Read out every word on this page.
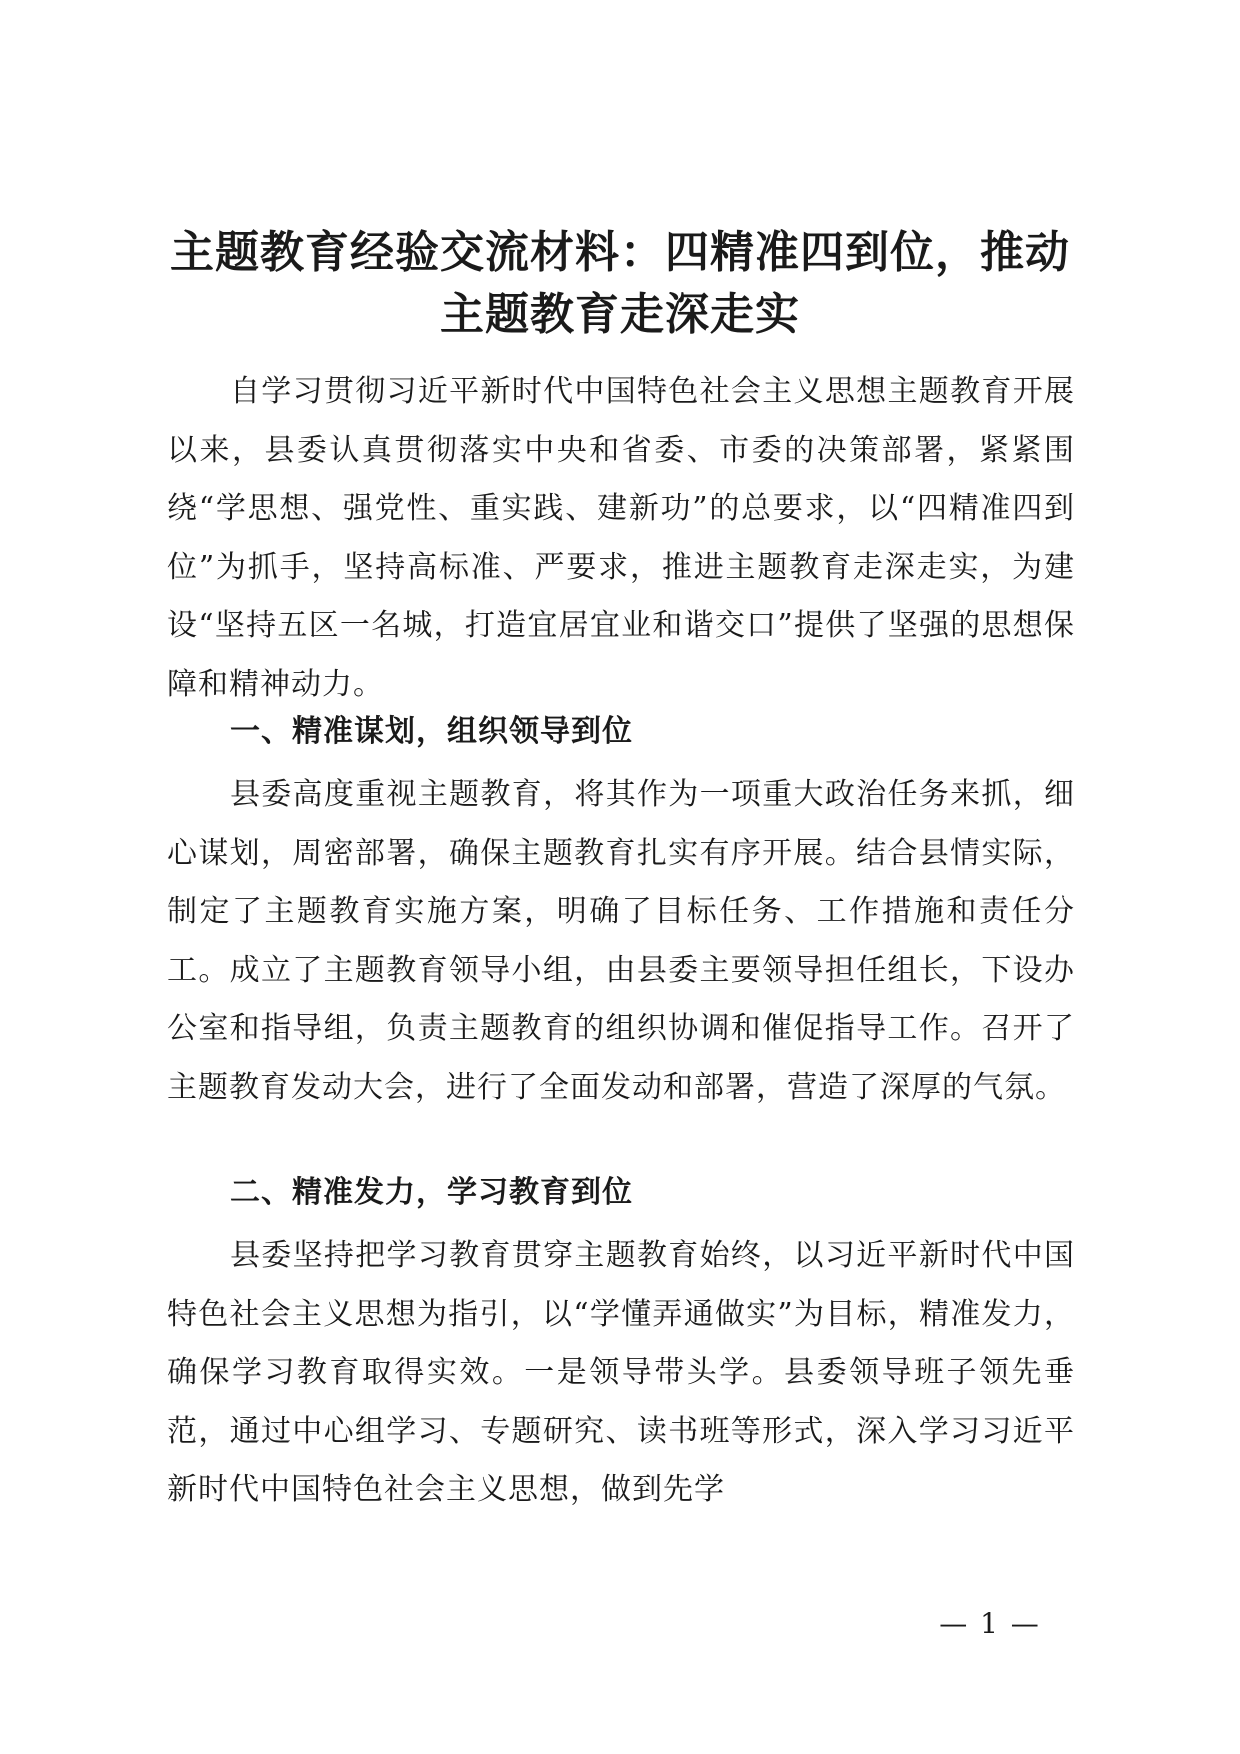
主题教育经验交流材料：四精准四到位，推动
主题教育走深走实

自学习贯彻习近平新时代中国特色社会主义思想主题教育开展以来，县委认真贯彻落实中央和省委、市委的决策部署，紧紧围绕“学思想、强党性、重实践、建新功”的总要求，以“四精准四到位”为抓手，坚持高标准、严要求，推进主题教育走深走实，为建设“坚持五区一名城，打造宜居宜业和谐交口”提供了坚强的思想保障和精神动力。

一、精准谋划，组织领导到位

县委高度重视主题教育，将其作为一项重大政治任务来抓，细心谋划，周密部署，确保主题教育扎实有序开展。结合县情实际，制定了主题教育实施方案，明确了目标任务、工作措施和责任分工。成立了主题教育领导小组，由县委主要领导担任组长，下设办公室和指导组，负责主题教育的组织协调和催促指导工作。召开了主题教育发动大会，进行了全面发动和部署，营造了深厚的气氛。

二、精准发力，学习教育到位

县委坚持把学习教育贯穿主题教育始终，以习近平新时代中国特色社会主义思想为指引，以“学懂弄通做实”为目标，精准发力，确保学习教育取得实效。一是领导带头学。县委领导班子领先垂范，通过中心组学习、专题研究、读书班等形式，深入学习习近平新时代中国特色社会主义思想，做到先学

— 1 —
